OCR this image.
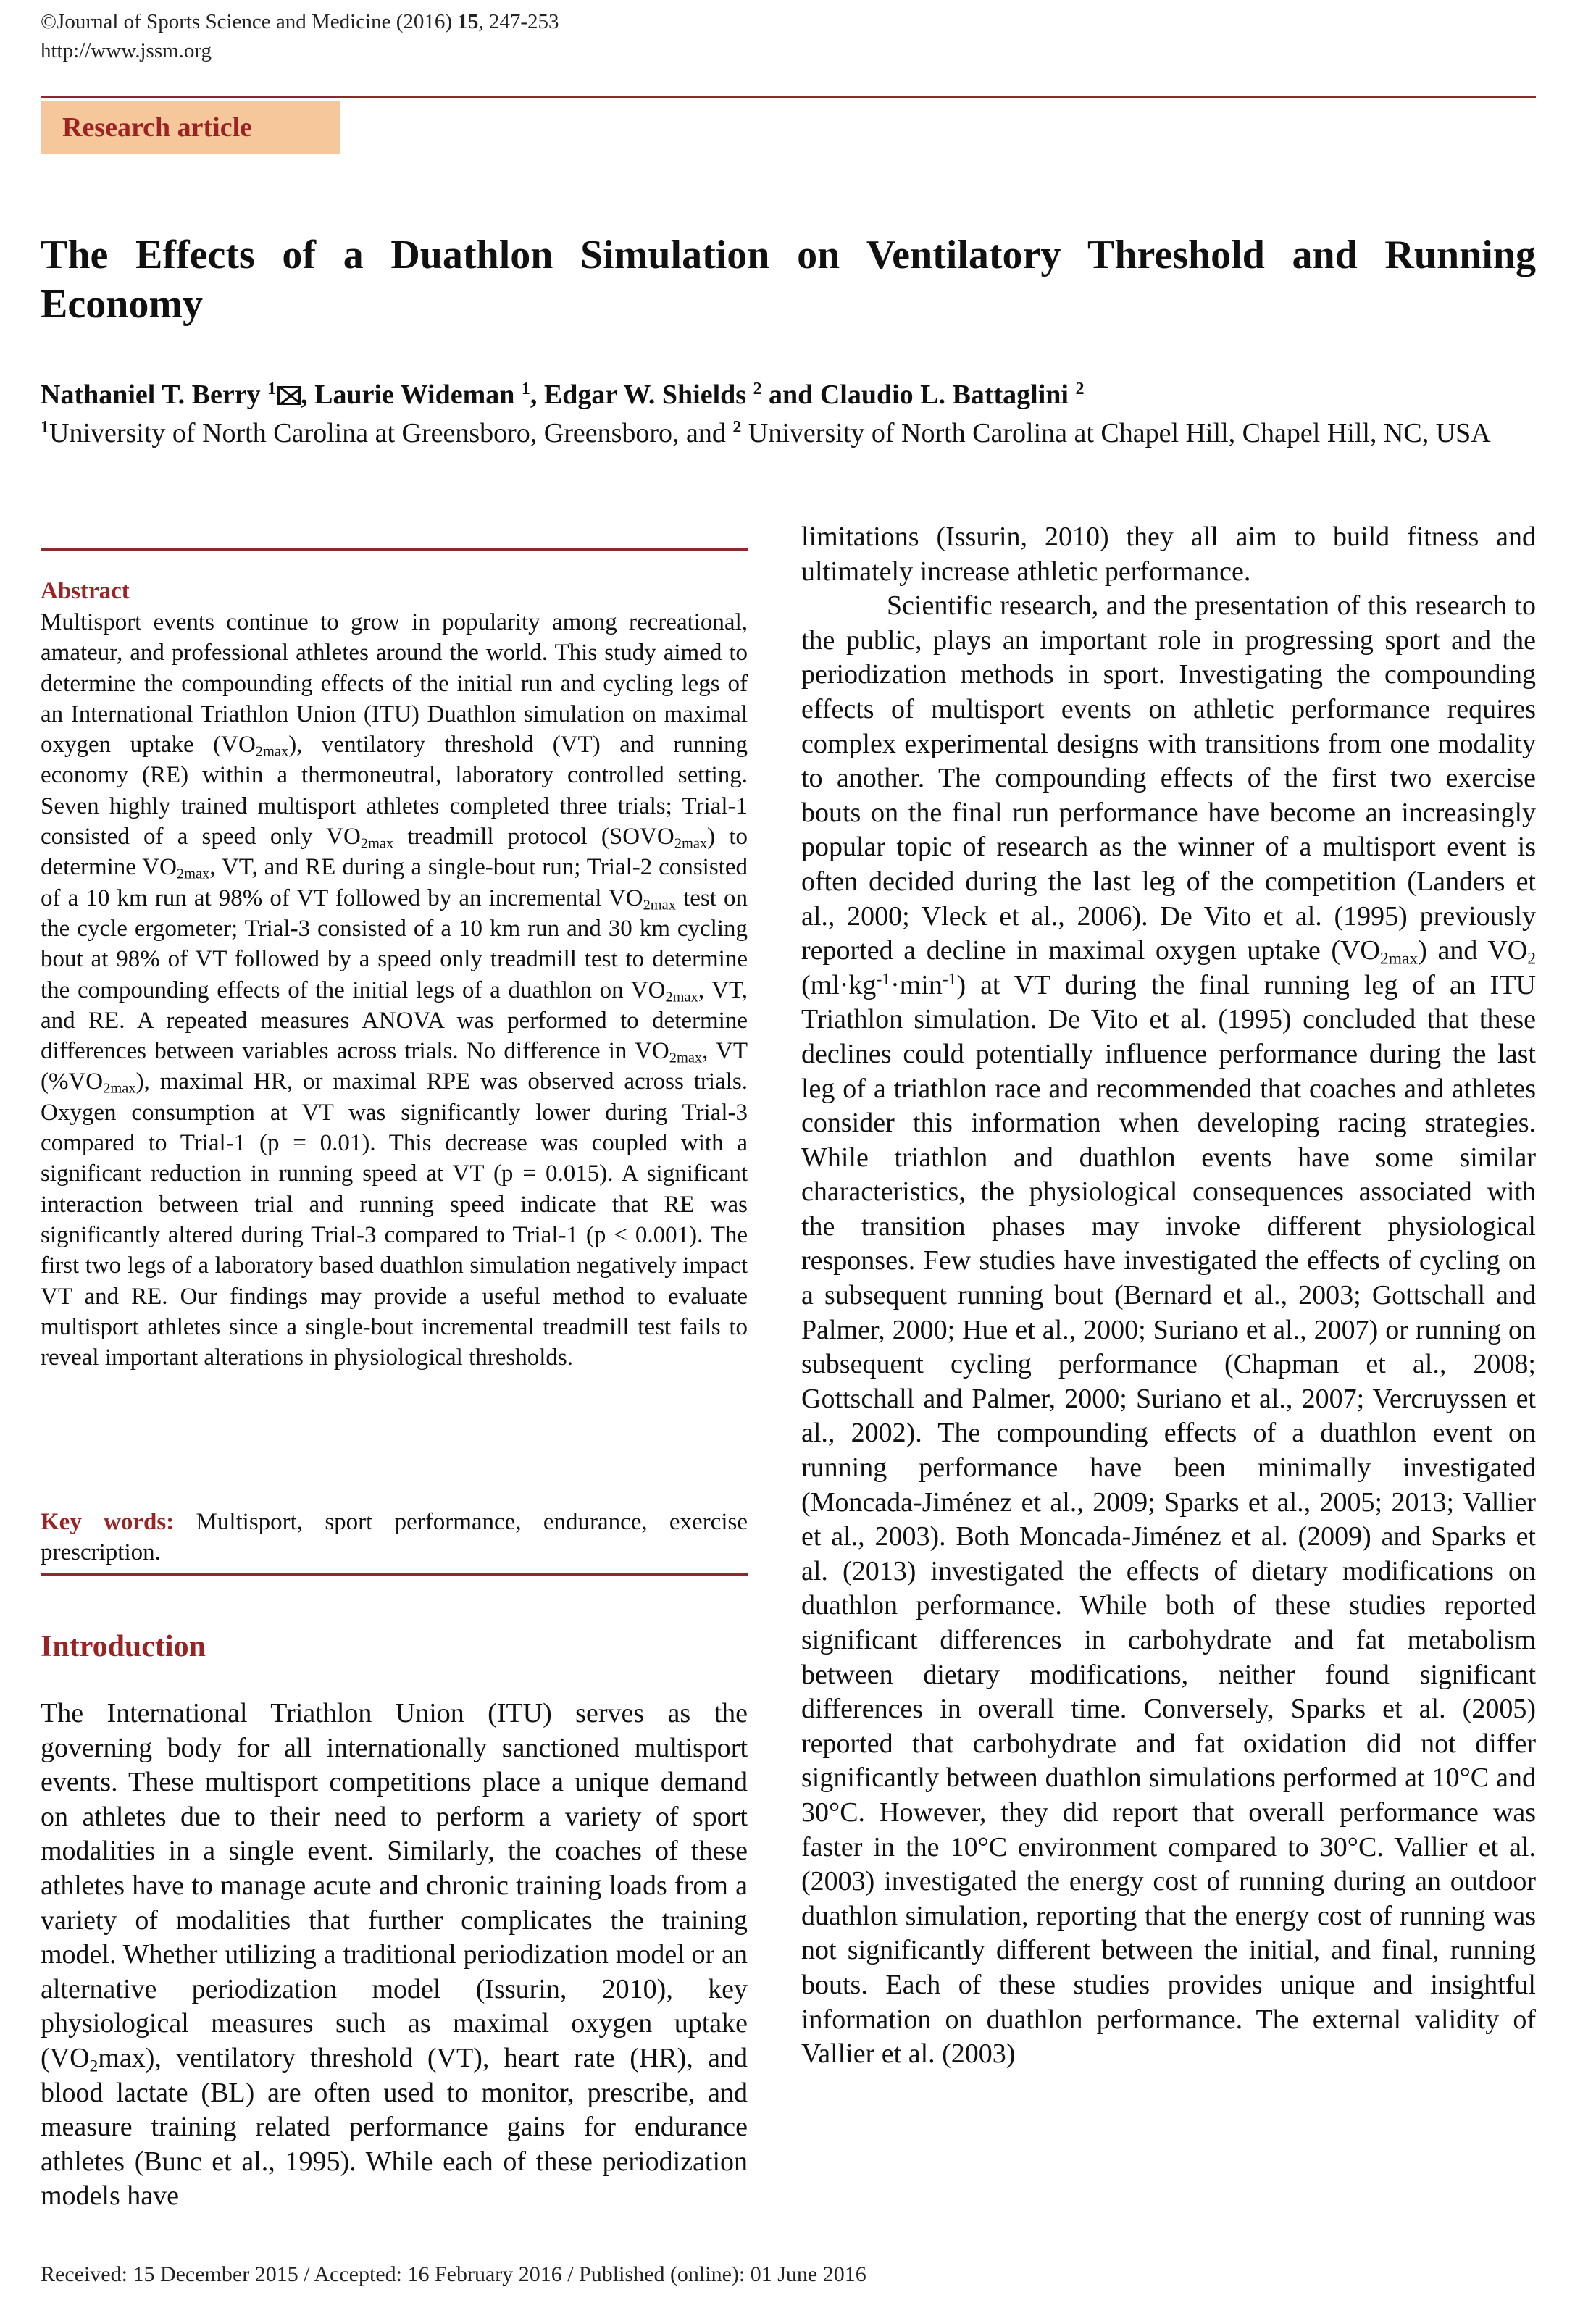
©Journal of Sports Science and Medicine (2016) 15, 247-253
http://www.jssm.org
Research article
The Effects of a Duathlon Simulation on Ventilatory Threshold and Running Economy
Nathaniel T. Berry $^1$ , Laurie Wideman $^1$, Edgar W. Shields $^2$ and Claudio L. Battaglini $^2$
$^1$University of North Carolina at Greensboro, Greensboro, and $^2$ University of North Carolina at Chapel Hill, Chapel Hill, NC, USA
Abstract

Multisport events continue to grow in popularity among recreational, amateur, and professional athletes around the world. This study aimed to determine the compounding effects of the initial run and cycling legs of an International Triathlon Union (ITU) Duathlon simulation on maximal oxygen uptake $(VO_{2max})$, ventilatory threshold (VT) and running economy (RE) within a thermoneutral, laboratory controlled setting. Seven highly trained multisport athletes completed three trials; Trial-1 consisted of a speed only $VO_{2max}$ treadmill protocol $(SOVO_{2max})$ to determine $VO_{2max}$, VT, and RE during a single-bout run; Trial-2 consisted of a 10 km run at 98% of VT followed by an incremental $VO_{2max}$ test on the cycle ergometer; Trial-3 consisted of a 10 km run and 30 km cycling bout at 98% of VT followed by a speed only treadmill test to determine the compounding effects of the initial legs of a duathlon on $VO_{2max}$, VT, and RE. A repeated measures ANOVA was performed to determine differences between variables across trials. No difference in $VO_{2max}$, VT $(\%VO_{2max})$, maximal HR, or maximal RPE was observed across trials. Oxygen consumption at VT was significantly lower during Trial-3 compared to Trial-1 (p = 0.01). This decrease was coupled with a significant reduction in running speed at VT (p = 0.015). A significant interaction between trial and running speed indicate that RE was significantly altered during Trial-3 compared to Trial-1 (p < 0.001). The first two legs of a laboratory based duathlon simulation negatively impact VT and RE. Our findings may provide a useful method to evaluate multisport athletes since a single-bout incremental treadmill test fails to reveal important alterations in physiological thresholds.

Key words: Multisport, sport performance, endurance, exercise prescription.

Introduction

The International Triathlon Union (ITU) serves as the governing body for all internationally sanctioned multisport events. These multisport competitions place a unique demand on athletes due to their need to perform a variety of sport modalities in a single event. Similarly, the coaches of these athletes have to manage acute and chronic training loads from a variety of modalities that further complicates the training model. Whether utilizing a traditional periodization model or an alternative periodization model (Issurin, 2010), key physiological measures such as maximal oxygen uptake $(VO_2\max)$, ventilatory threshold (VT), heart rate (HR), and blood lactate (BL) are often used to monitor, prescribe, and measure training related performance gains for endurance athletes (Bunc et al., 1995). While each of these periodization models have

limitations (Issurin, 2010) they all aim to build fitness and ultimately increase athletic performance.

Scientific research, and the presentation of this research to the public, plays an important role in progressing sport and the periodization methods in sport. Investigating the compounding effects of multisport events on athletic performance requires complex experimental designs with transitions from one modality to another. The compounding effects of the first two exercise bouts on the final run performance have become an increasingly popular topic of research as the winner of a multisport event is often decided during the last leg of the competition (Landers et al., 2000; Vleck et al., 2006). De Vito et al. (1995) previously reported a decline in maximal oxygen uptake $(VO_{2max})$ and $VO_2$ $(ml\cdot kg^{-1}\cdot\min^{-1})$ at VT during the final running leg of an ITU Triathlon simulation. De Vito et al. (1995) concluded that these declines could potentially influence performance during the last leg of a triathlon race and recommended that coaches and athletes consider this information when developing racing strategies. While triathlon and duathlon events have some similar characteristics, the physiological consequences associated with the transition phases may invoke different physiological responses. Few studies have investigated the effects of cycling on a subsequent running bout (Bernard et al., 2003; Gottschall and Palmer, 2000; Hue et al., 2000; Suriano et al., 2007) or running on subsequent cycling performance (Chapman et al., 2008; Gottschall and Palmer, 2000; Suriano et al., 2007; Vercruyssen et al., 2002). The compounding effects of a duathlon event on running performance have been minimally investigated (Moncada-Jiménez et al., 2009; Sparks et al., 2005; 2013; Vallier et al., 2003). Both Moncada-Jiménez et al. (2009) and Sparks et al. (2013) investigated the effects of dietary modifications on duathlon performance. While both of these studies reported significant differences in carbohydrate and fat metabolism between dietary modifications, neither found significant differences in overall time. Conversely, Sparks et al. (2005) reported that carbohydrate and fat oxidation did not differ significantly between duathlon simulations performed at 10°C and 30°C. However, they did report that overall performance was faster in the 10°C environment compared to 30°C. Vallier et al. (2003) investigated the energy cost of running during an outdoor duathlon simulation, reporting that the energy cost of running was not significantly different between the initial, and final, running bouts. Each of these studies provides unique and insightful information on duathlon performance. The external validity of Vallier et al. (2003)

Received: 15 December 2015 / Accepted: 16 February 2016 / Published (online): 01 June 2016
